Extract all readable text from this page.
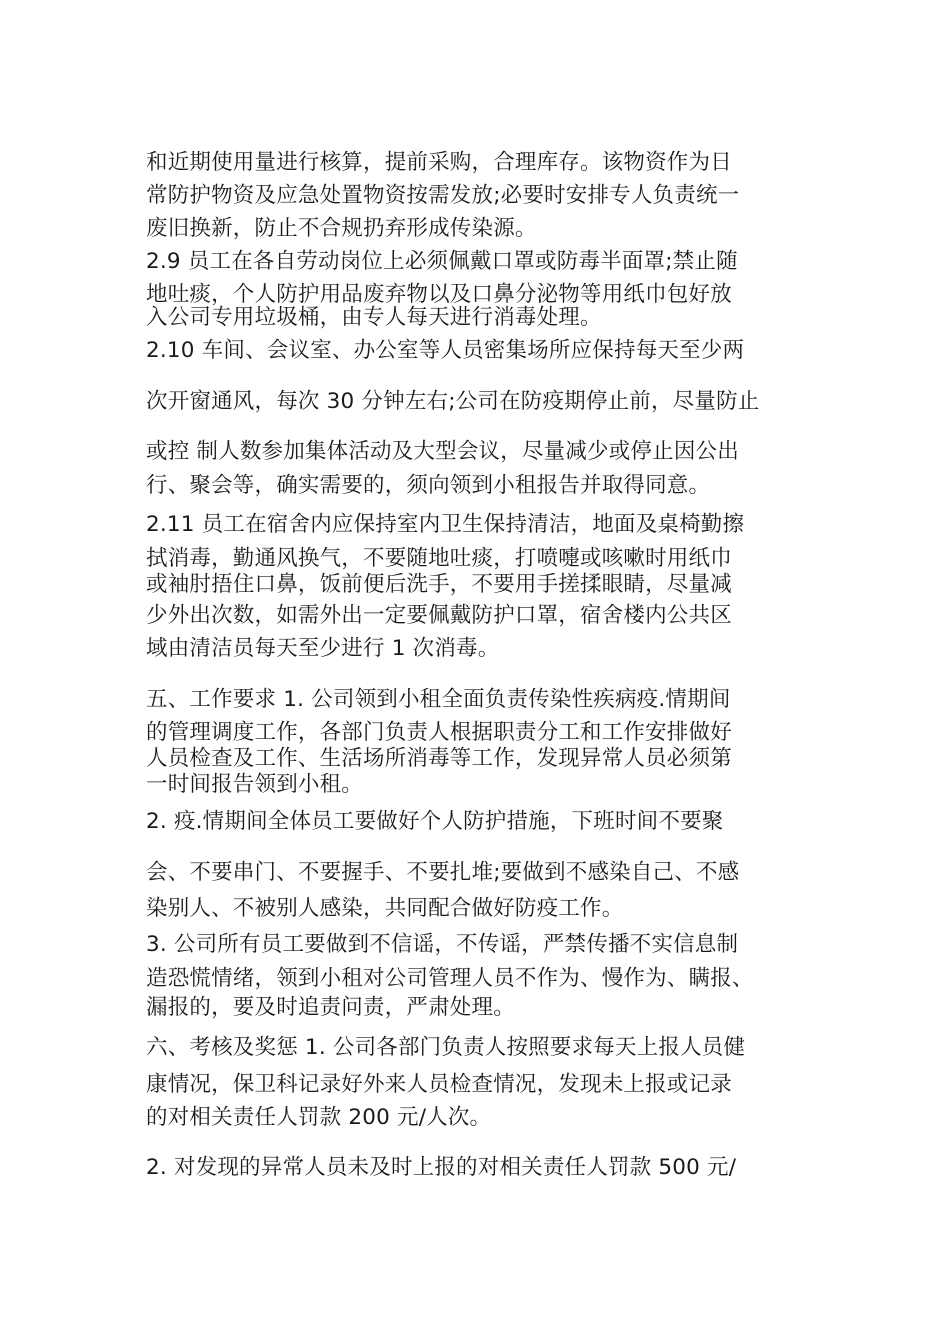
和近期使用量进行核算，提前采购，合理库存。该物资作为日
常防护物资及应急处置物资按需发放;必要时安排专人负责统一
废旧换新，防止不合规扔弃形成传染源。
2.9 员工在各自劳动岗位上必须佩戴口罩或防毒半面罩;禁止随
地吐痰，个人防护用品废弃物以及口鼻分泌物等用纸巾包好放
入公司专用垃圾桶，由专人每天进行消毒处理。
2.10 车间、会议室、办公室等人员密集场所应保持每天至少两
次开窗通风，每次 30 分钟左右;公司在防疫期停止前，尽量防止
或控 制人数参加集体活动及大型会议，尽量减少或停止因公出
行、聚会等，确实需要的，须向领到小租报告并取得同意。
2.11 员工在宿舍内应保持室内卫生保持清洁，地面及桌椅勤擦
拭消毒，勤通风换气，不要随地吐痰，打喷嚏或咳嗽时用纸巾
或袖肘捂住口鼻，饭前便后洗手，不要用手搓揉眼睛，尽量减
少外出次数，如需外出一定要佩戴防护口罩，宿舍楼内公共区
域由清洁员每天至少进行 1 次消毒。
五、工作要求 1. 公司领到小租全面负责传染性疾病疫.情期间
的管理调度工作，各部门负责人根据职责分工和工作安排做好
人员检查及工作、生活场所消毒等工作，发现异常人员必须第
一时间报告领到小租。
2. 疫.情期间全体员工要做好个人防护措施，下班时间不要聚
会、不要串门、不要握手、不要扎堆;要做到不感染自己、不感
染别人、不被别人感染，共同配合做好防疫工作。
3. 公司所有员工要做到不信谣，不传谣，严禁传播不实信息制
造恐慌情绪，领到小租对公司管理人员不作为、慢作为、瞒报、
漏报的，要及时追责问责，严肃处理。
六、考核及奖惩 1. 公司各部门负责人按照要求每天上报人员健
康情况，保卫科记录好外来人员检查情况，发现未上报或记录
的对相关责任人罚款 200 元/人次。
2. 对发现的异常人员未及时上报的对相关责任人罚款 500 元/
